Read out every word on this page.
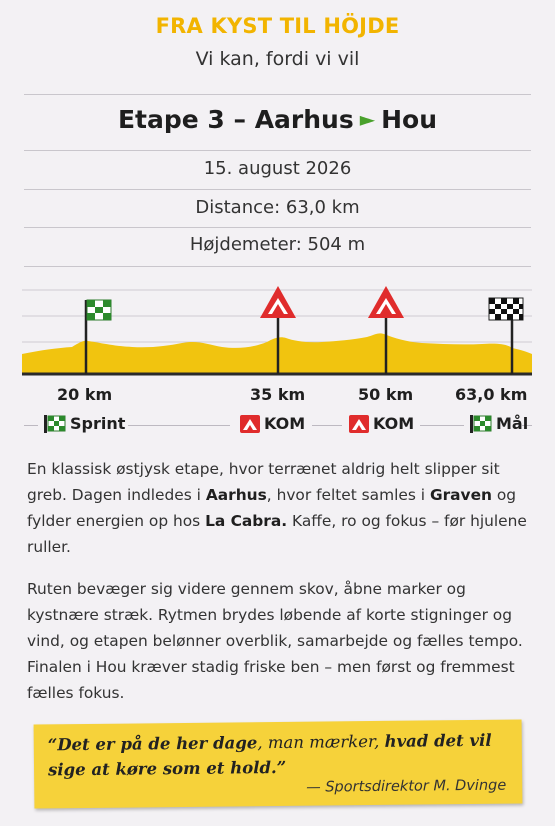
FRA KYST TIL HÖJDE
Vi kan, fordi vi vil
Etape 3 – Aarhus ► Hou
15. august 2026
Distance: 63,0 km
Højdemeter: 504 m
20 km	35 km	50 km	63,0 km
Sprint	KOM	KOM	Mål
En klassisk østjysk etape, hvor terrænet aldrig helt slipper sit greb. Dagen indledes i Aarhus, hvor feltet samles i Graven og fylder energien op hos La Cabra. Kaffe, ro og fokus – før hjulene ruller.
Ruten bevæger sig videre gennem skov, åbne marker og kystnære stræk. Rytmen brydes løbende af korte stigninger og vind, og etapen belønner overblik, samarbejde og fælles tempo. Finalen i Hou kræver stadig friske ben – men først og fremmest fælles fokus.
“Det er på de her dage, man mærker, hvad det vil sige at køre som et hold.”
— Sportsdirektor M. Dvinge
